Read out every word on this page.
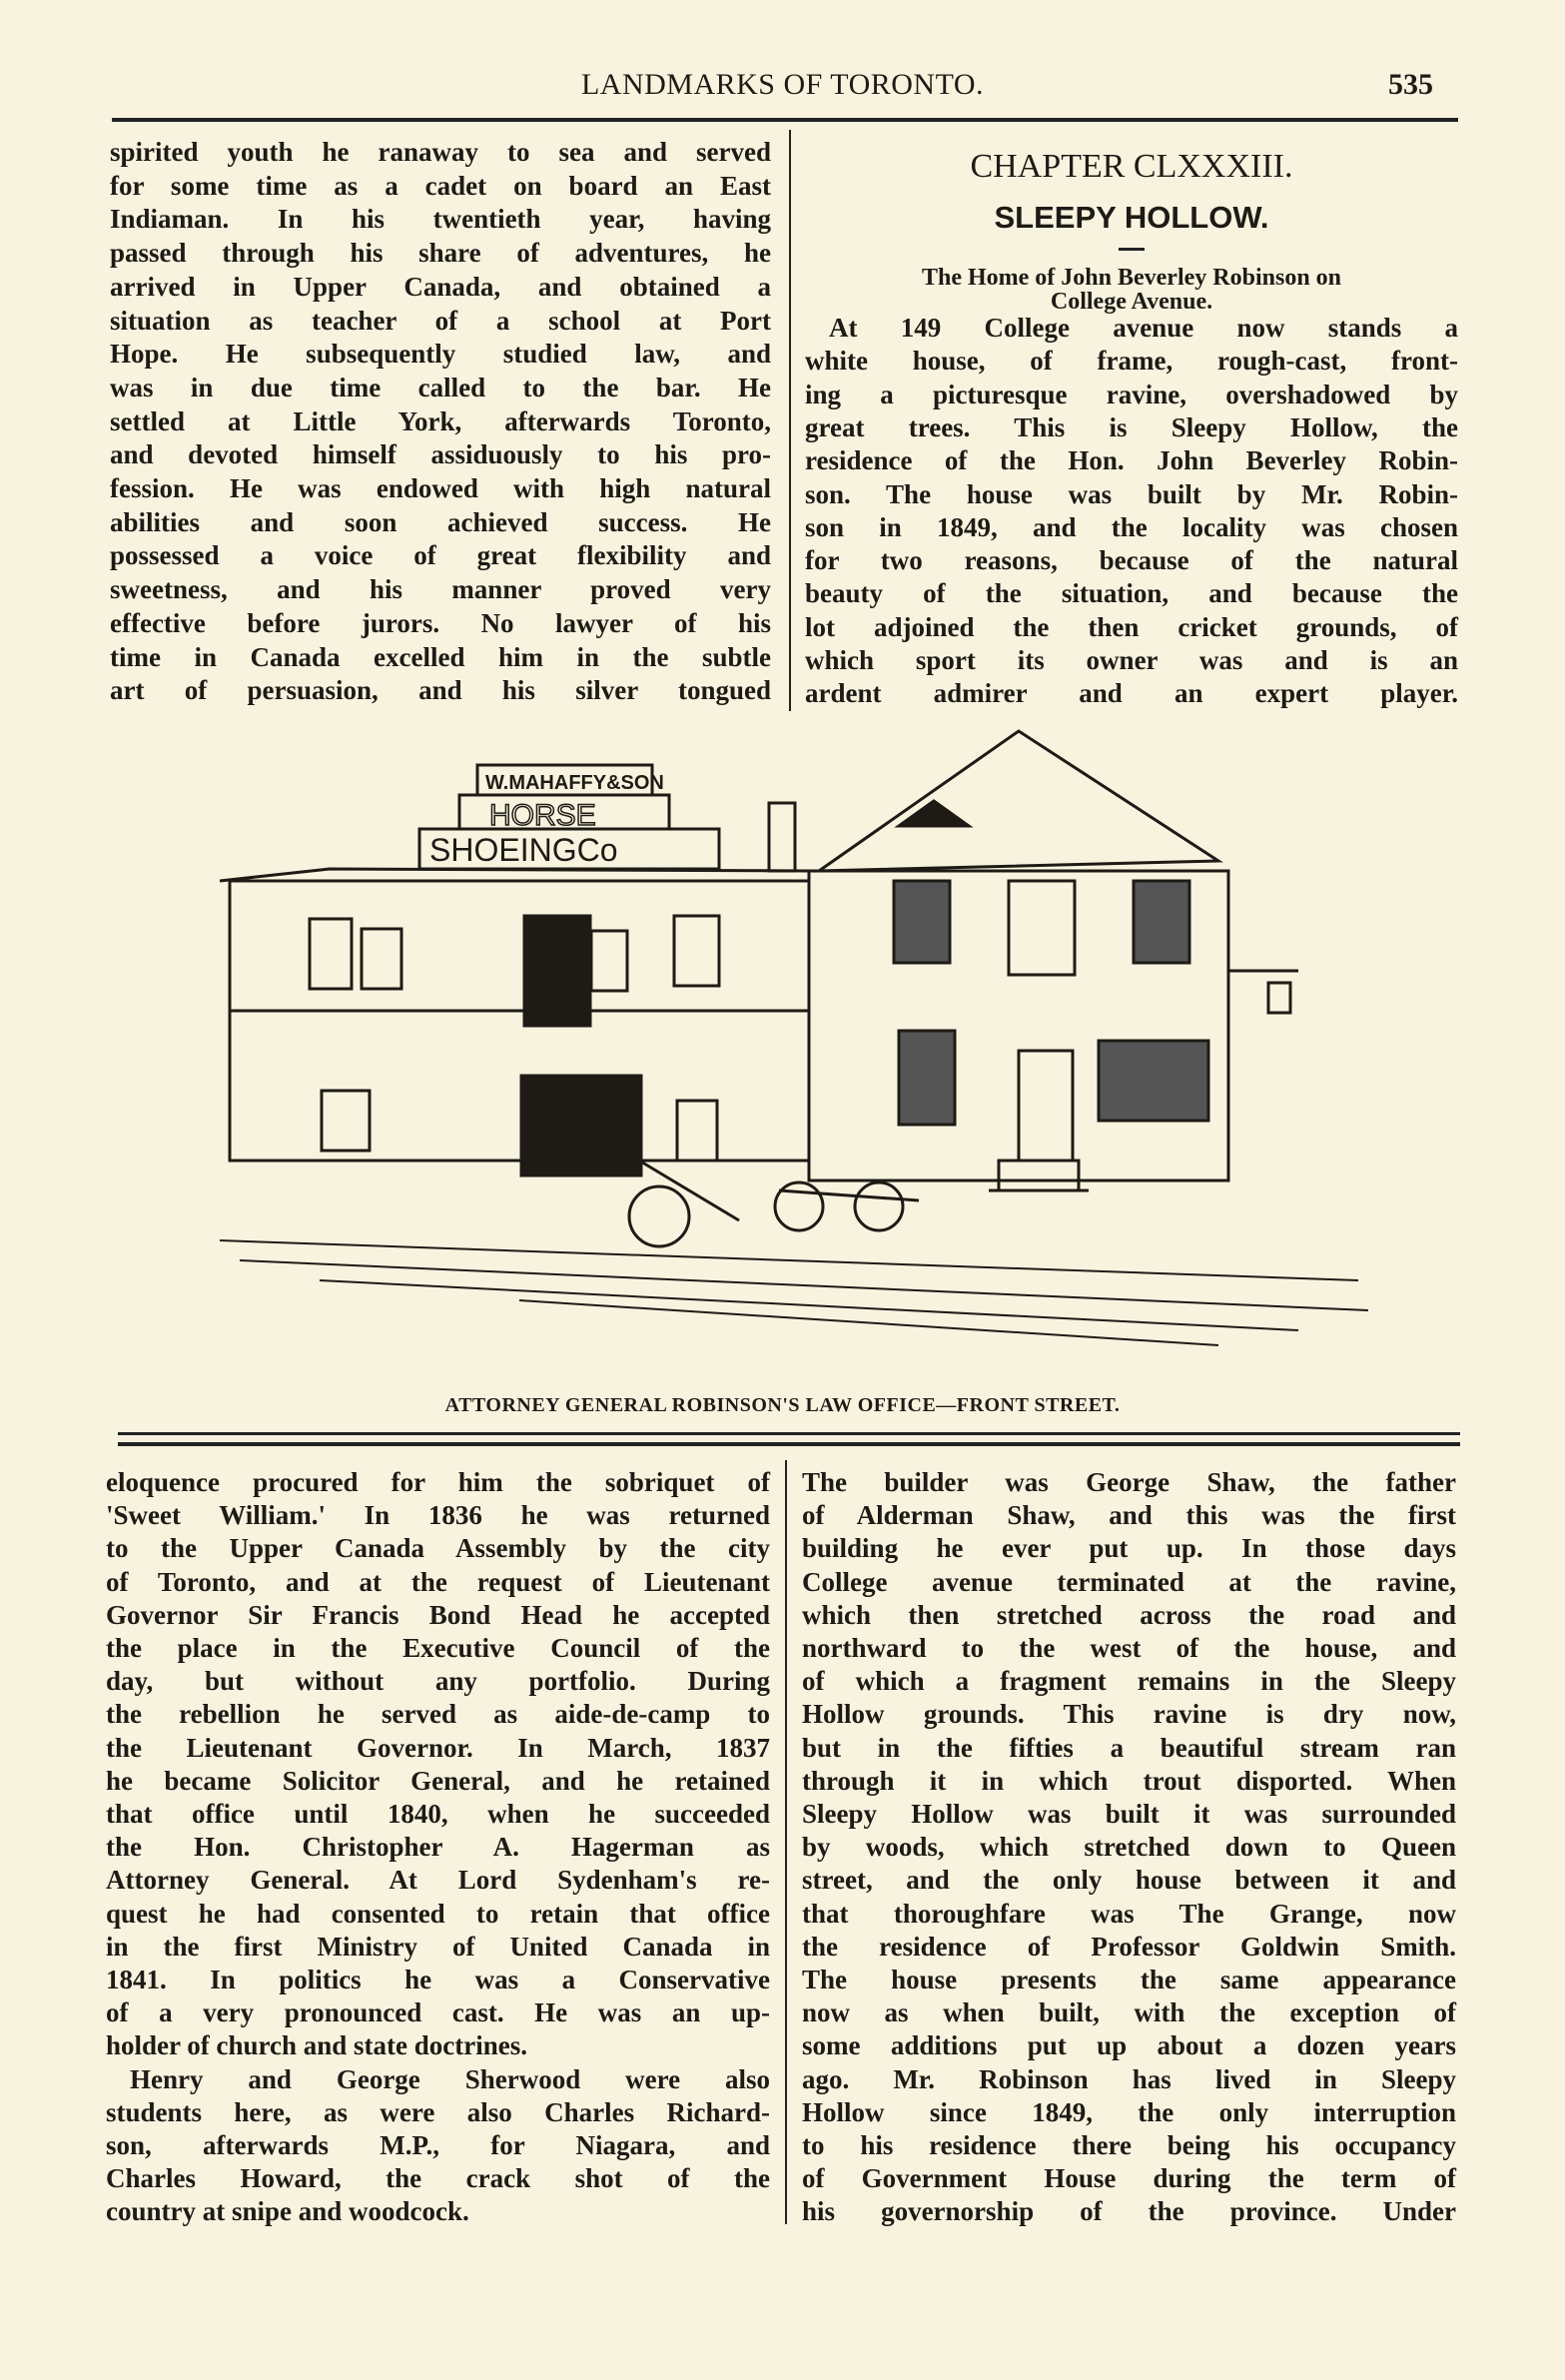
LANDMARKS OF TORONTO.	535
spirited youth he ranaway to sea and served
for some time as a cadet on board an East
Indiaman. In his twentieth year, having
passed through his share of adventures, he
arrived in Upper Canada, and obtained a
situation as teacher of a school at Port
Hope. He subsequently studied law, and
was in due time called to the bar. He
settled at Little York, afterwards Toronto,
and devoted himself assiduously to his pro-
fession. He was endowed with high natural
abilities and soon achieved success. He
possessed a voice of great flexibility and
sweetness, and his manner proved very
effective before jurors. No lawyer of his
time in Canada excelled him in the subtle
art of persuasion, and his silver tongued
CHAPTER CLXXXIII.
SLEEPY HOLLOW.
The Home of John Beverley Robinson on
College Avenue.
At 149 College avenue now stands a
white house, of frame, rough-cast, front-
ing a picturesque ravine, overshadowed by
great trees. This is Sleepy Hollow, the
residence of the Hon. John Beverley Robin-
son. The house was built by Mr. Robin-
son in 1849, and the locality was chosen
for two reasons, because of the natural
beauty of the situation, and because the
lot adjoined the then cricket grounds, of
which sport its owner was and is an
ardent admirer and an expert player.
W.MAHAFFY&SON
HORSE
SHOEINGCo
ATTORNEY GENERAL ROBINSON'S LAW OFFICE—FRONT STREET.
eloquence procured for him the sobriquet of
'Sweet William.' In 1836 he was returned
to the Upper Canada Assembly by the city
of Toronto, and at the request of Lieutenant
Governor Sir Francis Bond Head he accepted
the place in the Executive Council of the
day, but without any portfolio. During
the rebellion he served as aide-de-camp to
the Lieutenant Governor. In March, 1837
he became Solicitor General, and he retained
that office until 1840, when he succeeded
the Hon. Christopher A. Hagerman as
Attorney General. At Lord Sydenham's re-
quest he had consented to retain that office
in the first Ministry of United Canada in
1841. In politics he was a Conservative
of a very pronounced cast. He was an up-
holder of church and state doctrines.
Henry and George Sherwood were also
students here, as were also Charles Richard-
son, afterwards M.P., for Niagara, and
Charles Howard, the crack shot of the
country at snipe and woodcock.
The builder was George Shaw, the father
of Alderman Shaw, and this was the first
building he ever put up. In those days
College avenue terminated at the ravine,
which then stretched across the road and
northward to the west of the house, and
of which a fragment remains in the Sleepy
Hollow grounds. This ravine is dry now,
but in the fifties a beautiful stream ran
through it in which trout disported. When
Sleepy Hollow was built it was surrounded
by woods, which stretched down to Queen
street, and the only house between it and
that thoroughfare was The Grange, now
the residence of Professor Goldwin Smith.
The house presents the same appearance
now as when built, with the exception of
some additions put up about a dozen years
ago. Mr. Robinson has lived in Sleepy
Hollow since 1849, the only interruption
to his residence there being his occupancy
of Government House during the term of
his governorship of the province. Under
